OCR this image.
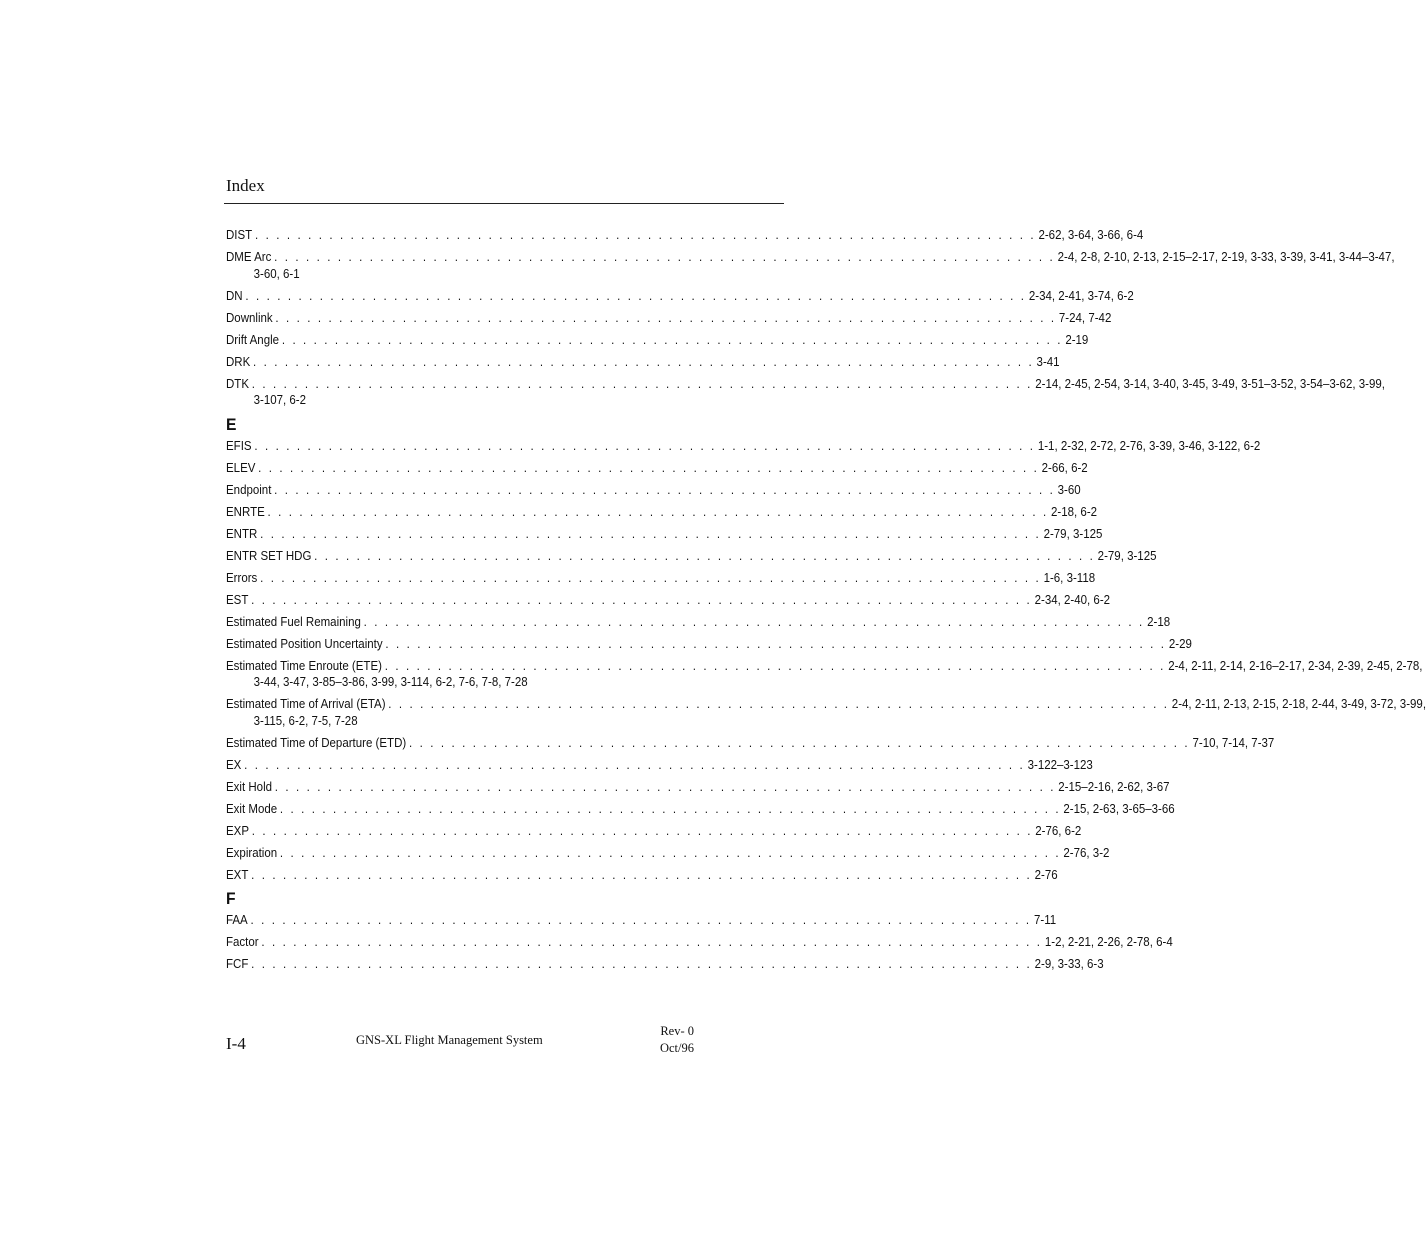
Index
DIST . . . . . . . . . . . . . . . . . . . . . . . . . . . . . . . . . . . . . . . . . . . . . . . . . . . . . . . . . . . . . . . . . . . . . . . . . . 2-62, 3-64, 3-66, 6-4
DME Arc . . . . . . . . . . . . . . . . . . . . . . . . . . . . . . . . . . . . . . . . . . . . . . . . . . . . . . . . . . . . . . . . . . . . . . . . . . 2-4, 2-8, 2-10, 2-13, 2-15–2-17, 2-19, 3-33, 3-39, 3-41, 3-44–3-47,
3-60, 6-1
DN . . . . . . . . . . . . . . . . . . . . . . . . . . . . . . . . . . . . . . . . . . . . . . . . . . . . . . . . . . . . . . . . . . . . . . . . . . 2-34, 2-41, 3-74, 6-2
Downlink . . . . . . . . . . . . . . . . . . . . . . . . . . . . . . . . . . . . . . . . . . . . . . . . . . . . . . . . . . . . . . . . . . . . . . . . . . 7-24, 7-42
Drift Angle . . . . . . . . . . . . . . . . . . . . . . . . . . . . . . . . . . . . . . . . . . . . . . . . . . . . . . . . . . . . . . . . . . . . . . . . . . 2-19
DRK . . . . . . . . . . . . . . . . . . . . . . . . . . . . . . . . . . . . . . . . . . . . . . . . . . . . . . . . . . . . . . . . . . . . . . . . . . 3-41
DTK . . . . . . . . . . . . . . . . . . . . . . . . . . . . . . . . . . . . . . . . . . . . . . . . . . . . . . . . . . . . . . . . . . . . . . . . . . 2-14, 2-45, 2-54, 3-14, 3-40, 3-45, 3-49, 3-51–3-52, 3-54–3-62, 3-99,
3-107, 6-2
E
EFIS . . . . . . . . . . . . . . . . . . . . . . . . . . . . . . . . . . . . . . . . . . . . . . . . . . . . . . . . . . . . . . . . . . . . . . . . . . 1-1, 2-32, 2-72, 2-76, 3-39, 3-46, 3-122, 6-2
ELEV . . . . . . . . . . . . . . . . . . . . . . . . . . . . . . . . . . . . . . . . . . . . . . . . . . . . . . . . . . . . . . . . . . . . . . . . . . 2-66, 6-2
Endpoint . . . . . . . . . . . . . . . . . . . . . . . . . . . . . . . . . . . . . . . . . . . . . . . . . . . . . . . . . . . . . . . . . . . . . . . . . . 3-60
ENRTE . . . . . . . . . . . . . . . . . . . . . . . . . . . . . . . . . . . . . . . . . . . . . . . . . . . . . . . . . . . . . . . . . . . . . . . . . . 2-18, 6-2
ENTR . . . . . . . . . . . . . . . . . . . . . . . . . . . . . . . . . . . . . . . . . . . . . . . . . . . . . . . . . . . . . . . . . . . . . . . . . . 2-79, 3-125
ENTR SET HDG . . . . . . . . . . . . . . . . . . . . . . . . . . . . . . . . . . . . . . . . . . . . . . . . . . . . . . . . . . . . . . . . . . . . . . . . . . 2-79, 3-125
Errors . . . . . . . . . . . . . . . . . . . . . . . . . . . . . . . . . . . . . . . . . . . . . . . . . . . . . . . . . . . . . . . . . . . . . . . . . . 1-6, 3-118
EST . . . . . . . . . . . . . . . . . . . . . . . . . . . . . . . . . . . . . . . . . . . . . . . . . . . . . . . . . . . . . . . . . . . . . . . . . . 2-34, 2-40, 6-2
Estimated Fuel Remaining . . . . . . . . . . . . . . . . . . . . . . . . . . . . . . . . . . . . . . . . . . . . . . . . . . . . . . . . . . . . . . . . . . . . . . . . . . 2-18
Estimated Position Uncertainty . . . . . . . . . . . . . . . . . . . . . . . . . . . . . . . . . . . . . . . . . . . . . . . . . . . . . . . . . . . . . . . . . . . . . . . . . . 2-29
Estimated Time Enroute (ETE) . . . . . . . . . . . . . . . . . . . . . . . . . . . . . . . . . . . . . . . . . . . . . . . . . . . . . . . . . . . . . . . . . . . . . . . . . . 2-4, 2-11, 2-14, 2-16–2-17, 2-34, 2-39, 2-45, 2-78,
3-44, 3-47, 3-85–3-86, 3-99, 3-114, 6-2, 7-6, 7-8, 7-28
Estimated Time of Arrival (ETA) . . . . . . . . . . . . . . . . . . . . . . . . . . . . . . . . . . . . . . . . . . . . . . . . . . . . . . . . . . . . . . . . . . . . . . . . . . 2-4, 2-11, 2-13, 2-15, 2-18, 2-44, 3-49, 3-72, 3-99,
3-115, 6-2, 7-5, 7-28
Estimated Time of Departure (ETD) . . . . . . . . . . . . . . . . . . . . . . . . . . . . . . . . . . . . . . . . . . . . . . . . . . . . . . . . . . . . . . . . . . . . . . . . . . 7-10, 7-14, 7-37
EX . . . . . . . . . . . . . . . . . . . . . . . . . . . . . . . . . . . . . . . . . . . . . . . . . . . . . . . . . . . . . . . . . . . . . . . . . . 3-122–3-123
Exit Hold . . . . . . . . . . . . . . . . . . . . . . . . . . . . . . . . . . . . . . . . . . . . . . . . . . . . . . . . . . . . . . . . . . . . . . . . . . 2-15–2-16, 2-62, 3-67
Exit Mode . . . . . . . . . . . . . . . . . . . . . . . . . . . . . . . . . . . . . . . . . . . . . . . . . . . . . . . . . . . . . . . . . . . . . . . . . . 2-15, 2-63, 3-65–3-66
EXP . . . . . . . . . . . . . . . . . . . . . . . . . . . . . . . . . . . . . . . . . . . . . . . . . . . . . . . . . . . . . . . . . . . . . . . . . . 2-76, 6-2
Expiration . . . . . . . . . . . . . . . . . . . . . . . . . . . . . . . . . . . . . . . . . . . . . . . . . . . . . . . . . . . . . . . . . . . . . . . . . . 2-76, 3-2
EXT . . . . . . . . . . . . . . . . . . . . . . . . . . . . . . . . . . . . . . . . . . . . . . . . . . . . . . . . . . . . . . . . . . . . . . . . . . 2-76
F
FAA . . . . . . . . . . . . . . . . . . . . . . . . . . . . . . . . . . . . . . . . . . . . . . . . . . . . . . . . . . . . . . . . . . . . . . . . . . 7-11
Factor . . . . . . . . . . . . . . . . . . . . . . . . . . . . . . . . . . . . . . . . . . . . . . . . . . . . . . . . . . . . . . . . . . . . . . . . . . 1-2, 2-21, 2-26, 2-78, 6-4
FCF . . . . . . . . . . . . . . . . . . . . . . . . . . . . . . . . . . . . . . . . . . . . . . . . . . . . . . . . . . . . . . . . . . . . . . . . . . 2-9, 3-33, 6-3
I-4	GNS-XL Flight Management System
Rev- 0
Oct/96
